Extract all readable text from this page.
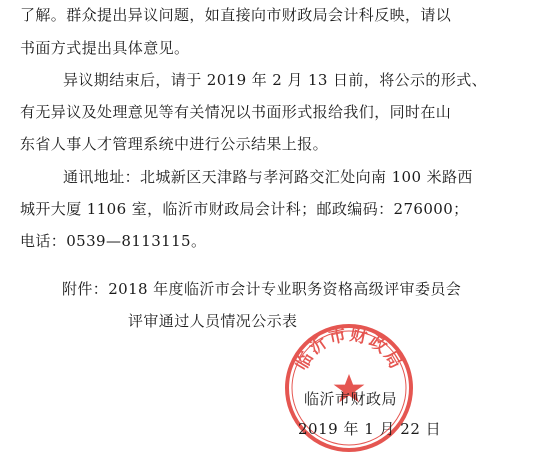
了解。群众提出异议问题，如直接向市财政局会计科反映，请以
书面方式提出具体意见。
异议期结束后，请于 2019 年 2 月 13 日前，将公示的形式、
有无异议及处理意见等有关情况以书面形式报给我们，同时在山
东省人事人才管理系统中进行公示结果上报。
通讯地址：北城新区天津路与孝河路交汇处向南 100 米路西
城开大厦 1106 室，临沂市财政局会计科；邮政编码：276000；
电话：0539—8113115。
附件：2018 年度临沂市会计专业职务资格高级评审委员会
评审通过人员情况公示表
临沂市财政局
临沂市财政局
2019 年 1 月 22 日
